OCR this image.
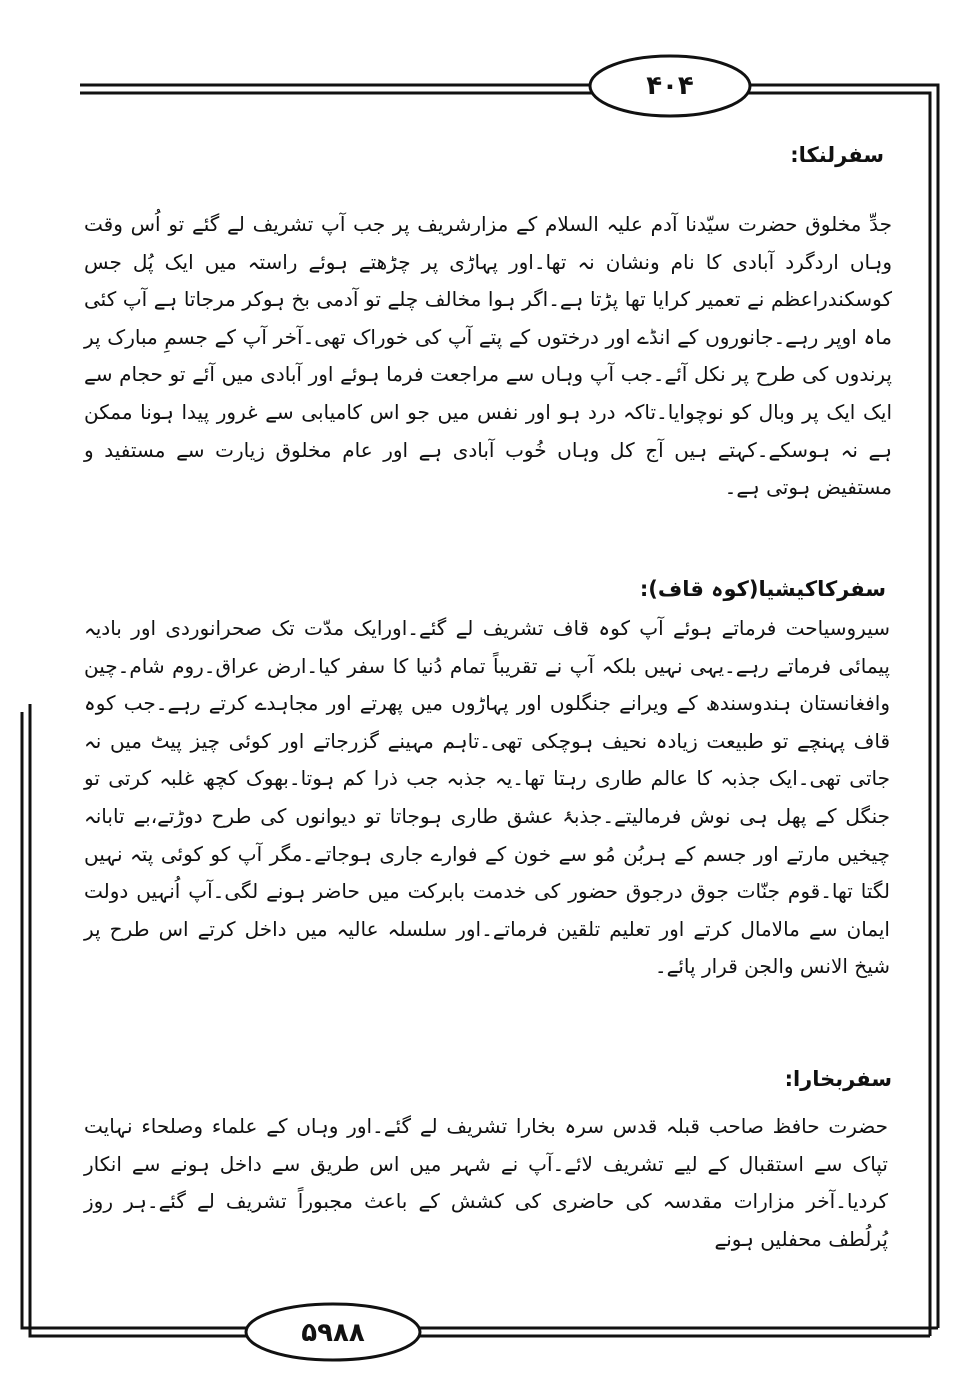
۴۰۴
۵۹۸۸
سفرلنکا:

جدِّ مخلوق حضرت سیّدنا آدم علیہ السلام کے مزارشریف پر جب آپ تشریف لے گئے تو اُس وقت وہاں اردگرد آبادی کا نام ونشان نہ تھا۔اور پہاڑی پر چڑھتے ہوئے راستہ میں ایک پُل جس کوسکندراعظم نے تعمیر کرایا تھا پڑتا ہے۔اگر ہوا مخالف چلے تو آدمی بخ ہوکر مرجاتا ہے آپ کئی ماہ اوپر رہے۔جانوروں کے انڈے اور درختوں کے پتے آپ کی خوراک تھی۔آخر آپ کے جسمِ مبارک پر پرندوں کی طرح پر نکل آئے۔جب آپ وہاں سے مراجعت فرما ہوئے اور آبادی میں آئے تو حجام سے ایک ایک پر وبال کو نوچوایا۔تاکہ درد ہو اور نفس میں جو اس کامیابی سے غرور پیدا ہونا ممکن ہے نہ ہوسکے۔کہتے ہیں آج کل وہاں خُوب آبادی ہے اور عام مخلوق زیارت سے مستفید و مستفیض ہوتی ہے۔

سفرکاکیشیا(کوہ قاف):

سیروسیاحت فرماتے ہوئے آپ کوہ قاف تشریف لے گئے۔اورایک مدّت تک صحرانوردی اور بادیہ پیمائی فرماتے رہے۔یہی نہیں بلکہ آپ نے تقریباً تمام دُنیا کا سفر کیا۔ارض عراق۔روم شام۔چین وافغانستان ہندوسندھ کے ویرانے جنگلوں اور پہاڑوں میں پھرتے اور مجاہدے کرتے رہے۔جب کوہ قاف پہنچے تو طبیعت زیادہ نحیف ہوچکی تھی۔تاہم مہینے گزرجاتے اور کوئی چیز پیٹ میں نہ جاتی تھی۔ایک جذبہ کا عالم طاری رہتا تھا۔یہ جذبہ جب ذرا کم ہوتا۔بھوک کچھ غلبہ کرتی تو جنگل کے پھل ہی نوش فرمالیتے۔جذبۂ عشق طاری ہوجاتا تو دیوانوں کی طرح دوڑتے،بے تابانہ چیخیں مارتے اور جسم کے ہربُن مُو سے خون کے فوارے جاری ہوجاتے۔مگر آپ کو کوئی پتہ نہیں لگتا تھا۔قوم جنّات جوق درجوق حضور کی خدمت بابرکت میں حاضر ہونے لگی۔آپ اُنہیں دولت ایمان سے مالامال کرتے اور تعلیم تلقین فرماتے۔اور سلسلہ عالیہ میں داخل کرتے اس طرح پر شیخ الانس والجن قرار پائے۔

سفربخارا:

حضرت حافظ صاحب قبلہ قدس سرہ بخارا تشریف لے گئے۔اور وہاں کے علماء وصلحاء نہایت تپاک سے استقبال کے لیے تشریف لائے۔آپ نے شہر میں اس طریق سے داخل ہونے سے انکار کردیا۔آخر مزارات مقدسہ کی حاضری کی کشش کے باعث مجبوراً تشریف لے گئے۔ہر روز پُرلُطف محفلیں ہونے
